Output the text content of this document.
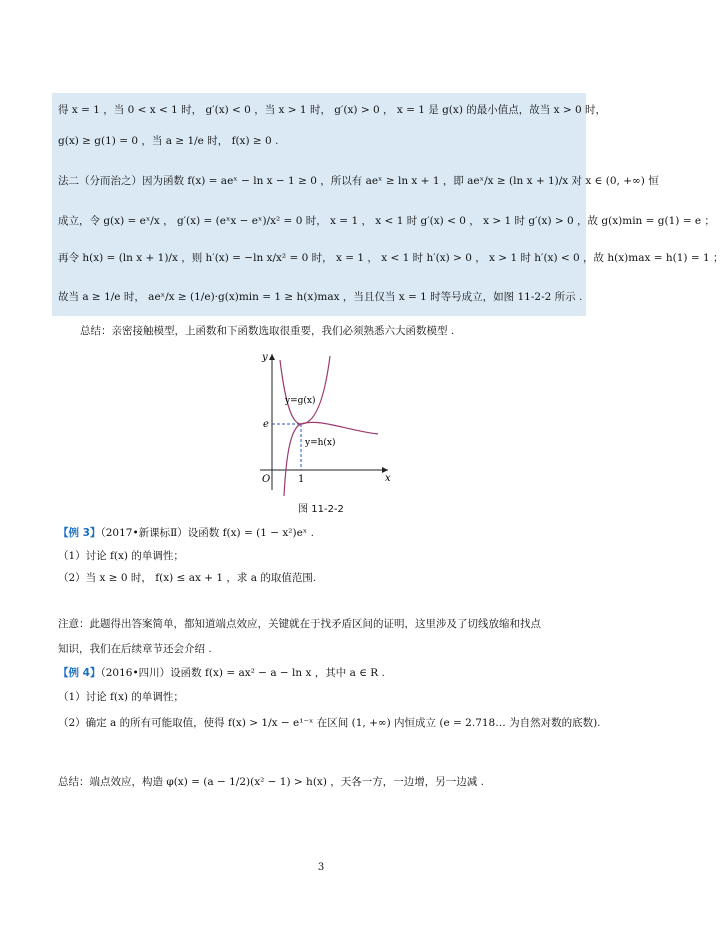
得 x = 1 ，当 0 < x < 1 时， g′(x) < 0 ，当 x > 1 时， g′(x) > 0 ， x = 1 是 g(x) 的最小值点，故当 x > 0 时，
g(x) ≥ g(1) = 0 ，当 a ≥ 1/e 时， f(x) ≥ 0 .
法二（分而治之）因为函数 f(x) = aeˣ − ln x − 1 ≥ 0 ，所以有 aeˣ ≥ ln x + 1 ，即 aeˣ/x ≥ (ln x + 1)/x 对 x ∈ (0, +∞) 恒
成立，令 g(x) = eˣ/x ， g′(x) = (eˣx − eˣ)/x² = 0 时， x = 1 ， x < 1 时 g′(x) < 0 ， x > 1 时 g′(x) > 0 ，故 g(x)min = g(1) = e ；
再令 h(x) = (ln x + 1)/x ，则 h′(x) = −ln x/x² = 0 时， x = 1 ， x < 1 时 h′(x) > 0 ， x > 1 时 h′(x) < 0 ，故 h(x)max = h(1) = 1 ；
故当 a ≥ 1/e 时， aeˣ/x ≥ (1/e)·g(x)min = 1 ≥ h(x)max ，当且仅当 x = 1 时等号成立，如图 11-2-2 所示 .
总结：亲密接触模型，上函数和下函数选取很重要，我们必须熟悉六大函数模型 .
y
x
O
e
1
y=g(x)
y=h(x)
图 11-2-2
【例 3】（2017•新课标Ⅱ）设函数 f(x) = (1 − x²)eˣ .
（1）讨论 f(x) 的单调性；
（2）当 x ≥ 0 时， f(x) ≤ ax + 1 ，求 a 的取值范围.
注意：此题得出答案简单，都知道端点效应，关键就在于找矛盾区间的证明，这里涉及了切线放缩和找点
知识，我们在后续章节还会介绍 .
【例 4】（2016•四川）设函数 f(x) = ax² − a − ln x ，其中 a ∈ R .
（1）讨论 f(x) 的单调性；
（2）确定 a 的所有可能取值，使得 f(x) > 1/x − e¹⁻ˣ 在区间 (1, +∞) 内恒成立 (e = 2.718… 为自然对数的底数).
总结：端点效应，构造 φ(x) = (a − 1/2)(x² − 1) > h(x) ，天各一方，一边增，另一边减 .
3
